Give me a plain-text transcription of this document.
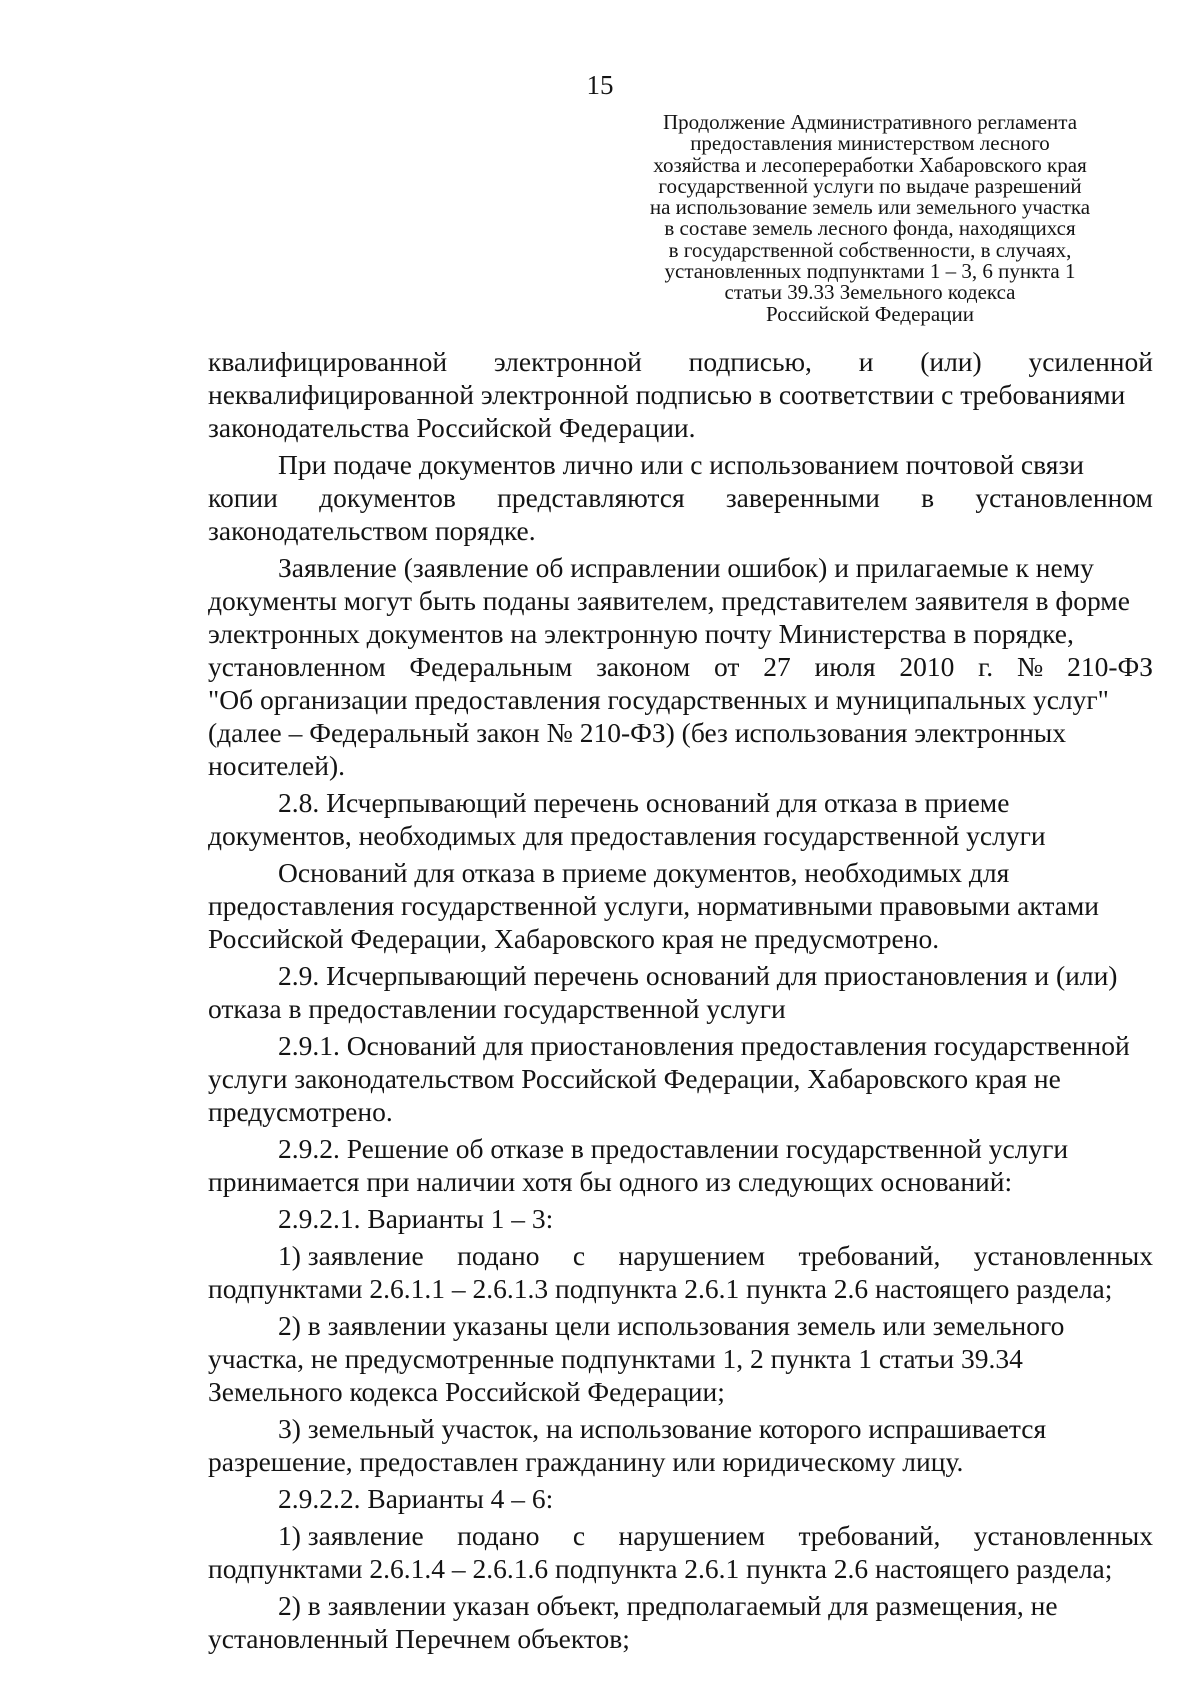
15
Продолжение Административного регламента
предоставления министерством лесного
хозяйства и лесопереработки Хабаровского края
государственной услуги по выдаче разрешений
на использование земель или земельного участка
в составе земель лесного фонда, находящихся
в государственной собственности, в случаях,
установленных подпунктами 1 – 3, 6 пункта 1
статьи 39.33 Земельного кодекса
Российской Федерации
квалифицированной электронной подписью, и (или) усиленной
неквалифицированной электронной подписью в соответствии с требованиями
законодательства Российской Федерации.
При подаче документов лично или с использованием почтовой связи
копии документов представляются заверенными в установленном
законодательством порядке.
Заявление (заявление об исправлении ошибок) и прилагаемые к нему
документы могут быть поданы заявителем, представителем заявителя в форме
электронных документов на электронную почту Министерства в порядке,
установленном Федеральным законом от 27 июля 2010 г. № 210-ФЗ
"Об организации предоставления государственных и муниципальных услуг"
(далее – Федеральный закон № 210-ФЗ) (без использования электронных
носителей).
2.8. Исчерпывающий перечень оснований для отказа в приеме
документов, необходимых для предоставления государственной услуги
Оснований для отказа в приеме документов, необходимых для
предоставления государственной услуги, нормативными правовыми актами
Российской Федерации, Хабаровского края не предусмотрено.
2.9. Исчерпывающий перечень оснований для приостановления и (или)
отказа в предоставлении государственной услуги
2.9.1. Оснований для приостановления предоставления государственной
услуги законодательством Российской Федерации, Хабаровского края не
предусмотрено.
2.9.2. Решение об отказе в предоставлении государственной услуги
принимается при наличии хотя бы одного из следующих оснований:
2.9.2.1. Варианты 1 – 3:
1) заявление подано с нарушением требований, установленных
подпунктами 2.6.1.1 – 2.6.1.3 подпункта 2.6.1 пункта 2.6 настоящего раздела;
2) в заявлении указаны цели использования земель или земельного
участка, не предусмотренные подпунктами 1, 2 пункта 1 статьи 39.34
Земельного кодекса Российской Федерации;
3) земельный участок, на использование которого испрашивается
разрешение, предоставлен гражданину или юридическому лицу.
2.9.2.2. Варианты 4 – 6:
1) заявление подано с нарушением требований, установленных
подпунктами 2.6.1.4 – 2.6.1.6 подпункта 2.6.1 пункта 2.6 настоящего раздела;
2) в заявлении указан объект, предполагаемый для размещения, не
установленный Перечнем объектов;
